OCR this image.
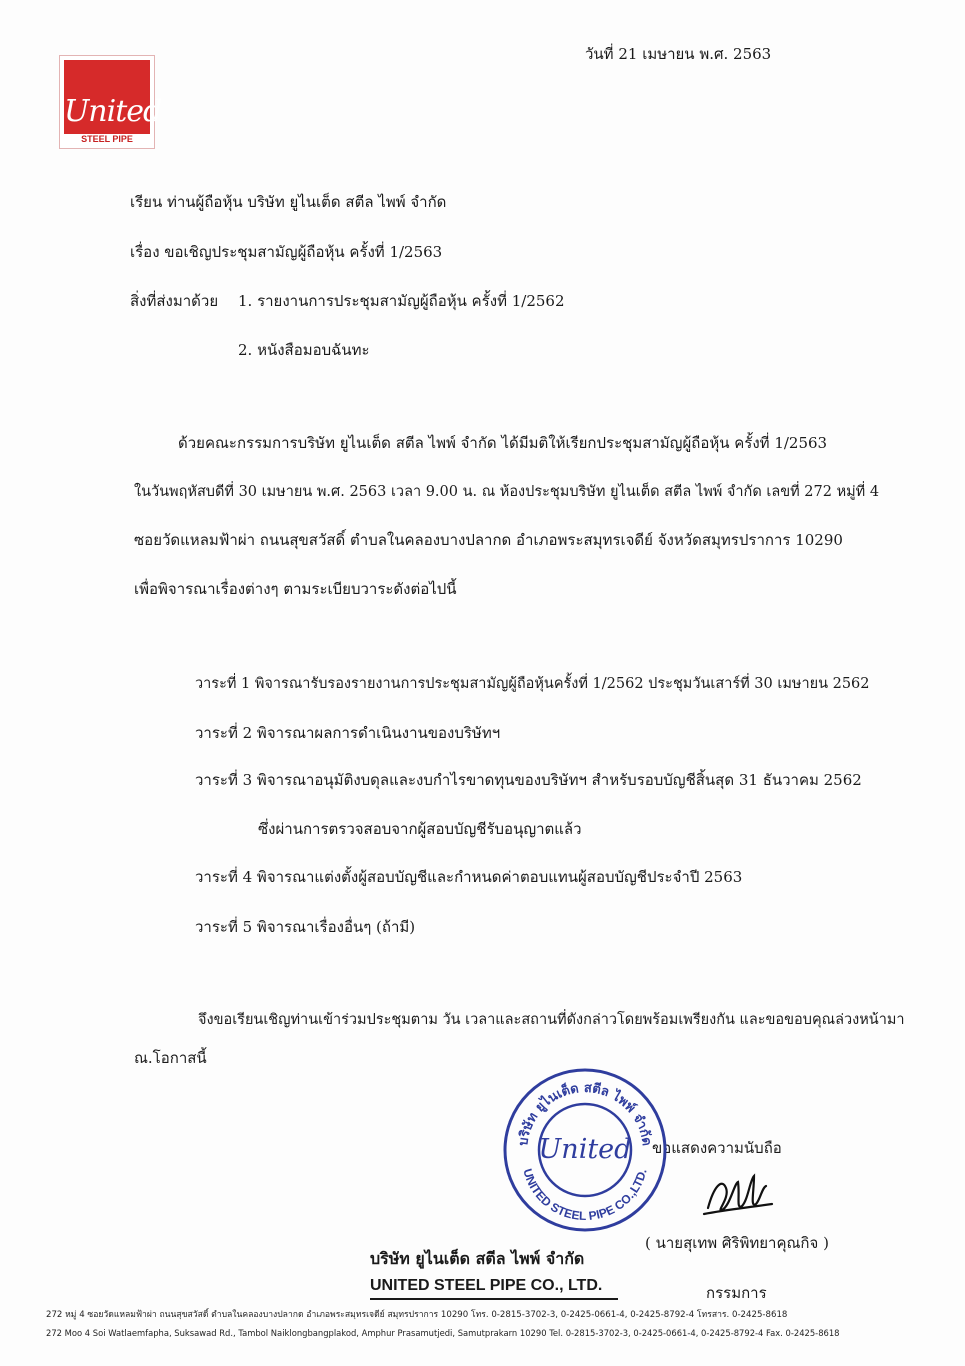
United
STEEL PIPE
วันที่ 21 เมษายน พ.ศ. 2563
เรียน ท่านผู้ถือหุ้น บริษัท ยูไนเต็ด สตีล ไพพ์ จำกัด
เรื่อง ขอเชิญประชุมสามัญผู้ถือหุ้น ครั้งที่ 1/2563
สิ่งที่ส่งมาด้วย 1. รายงานการประชุมสามัญผู้ถือหุ้น ครั้งที่ 1/2562
2. หนังสือมอบฉันทะ
ด้วยคณะกรรมการบริษัท ยูไนเต็ด สตีล ไพพ์ จำกัด ได้มีมติให้เรียกประชุมสามัญผู้ถือหุ้น ครั้งที่ 1/2563
ในวันพฤหัสบดีที่ 30 เมษายน พ.ศ. 2563 เวลา 9.00 น. ณ ห้องประชุมบริษัท ยูไนเต็ด สตีล ไพพ์ จำกัด เลขที่ 272 หมู่ที่ 4
ซอยวัดแหลมฟ้าผ่า ถนนสุขสวัสดิ์ ตำบลในคลองบางปลากด อำเภอพระสมุทรเจดีย์ จังหวัดสมุทรปราการ 10290
เพื่อพิจารณาเรื่องต่างๆ ตามระเบียบวาระดังต่อไปนี้
วาระที่ 1 พิจารณารับรองรายงานการประชุมสามัญผู้ถือหุ้นครั้งที่ 1/2562 ประชุมวันเสาร์ที่ 30 เมษายน 2562
วาระที่ 2 พิจารณาผลการดำเนินงานของบริษัทฯ
วาระที่ 3 พิจารณาอนุมัติงบดุลและงบกำไรขาดทุนของบริษัทฯ สำหรับรอบบัญชีสิ้นสุด 31 ธันวาคม 2562
ซึ่งผ่านการตรวจสอบจากผู้สอบบัญชีรับอนุญาตแล้ว
วาระที่ 4 พิจารณาแต่งตั้งผู้สอบบัญชีและกำหนดค่าตอบแทนผู้สอบบัญชีประจำปี 2563
วาระที่ 5 พิจารณาเรื่องอื่นๆ (ถ้ามี)
จึงขอเรียนเชิญท่านเข้าร่วมประชุมตาม วัน เวลาและสถานที่ดังกล่าวโดยพร้อมเพรียงกัน และขอขอบคุณล่วงหน้ามา
ณ.โอกาสนี้
ขอแสดงความนับถือ
บริษัท ยูไนเต็ด สตีล ไพพ์ จำกัด
UNITED STEEL PIPE CO.,LTD.
United
( นายสุเทพ ศิริพิทยาคุณกิจ )
บริษัท ยูไนเต็ด สตีล ไพพ์ จำกัด
UNITED STEEL PIPE CO., LTD.	กรรมการ
272 หมู่ 4 ซอยวัดแหลมฟ้าผ่า ถนนสุขสวัสดิ์ ตำบลในคลองบางปลากด อำเภอพระสมุทรเจดีย์ สมุทรปราการ 10290 โทร. 0-2815-3702-3, 0-2425-0661-4, 0-2425-8792-4 โทรสาร. 0-2425-8618
272 Moo 4 Soi Watlaemfapha, Suksawad Rd., Tambol Naiklongbangplakod, Amphur Prasamutjedi, Samutprakarn 10290 Tel. 0-2815-3702-3, 0-2425-0661-4, 0-2425-8792-4 Fax. 0-2425-8618
